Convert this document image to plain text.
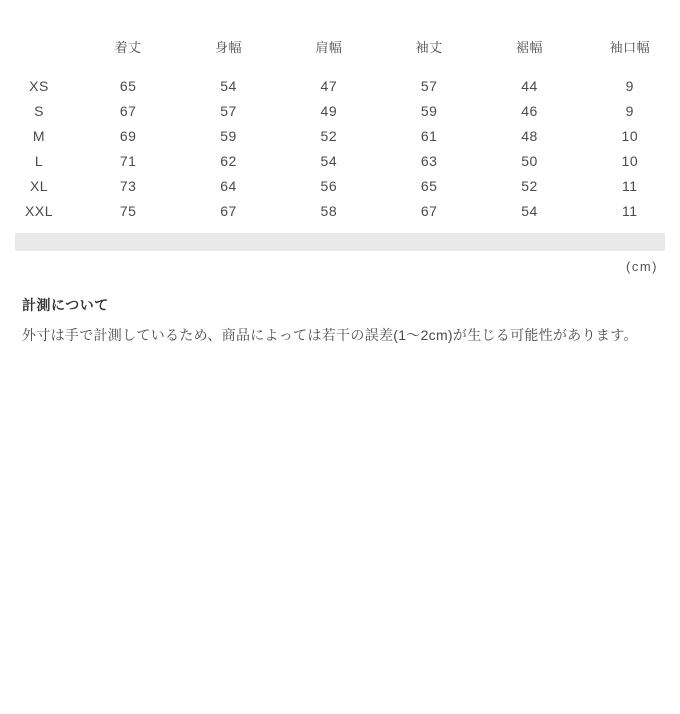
	着丈	身幅	肩幅	袖丈	裾幅	袖口幅
XS	65	54	47	57	44	9
S	67	57	49	59	46	9
M	69	59	52	61	48	10
L	71	62	54	63	50	10
XL	73	64	56	65	52	11
XXL	75	67	58	67	54	11
(cm)
計測について
外寸は手で計測しているため、商品によっては若干の誤差(1〜2cm)が生じる可能性があります。
